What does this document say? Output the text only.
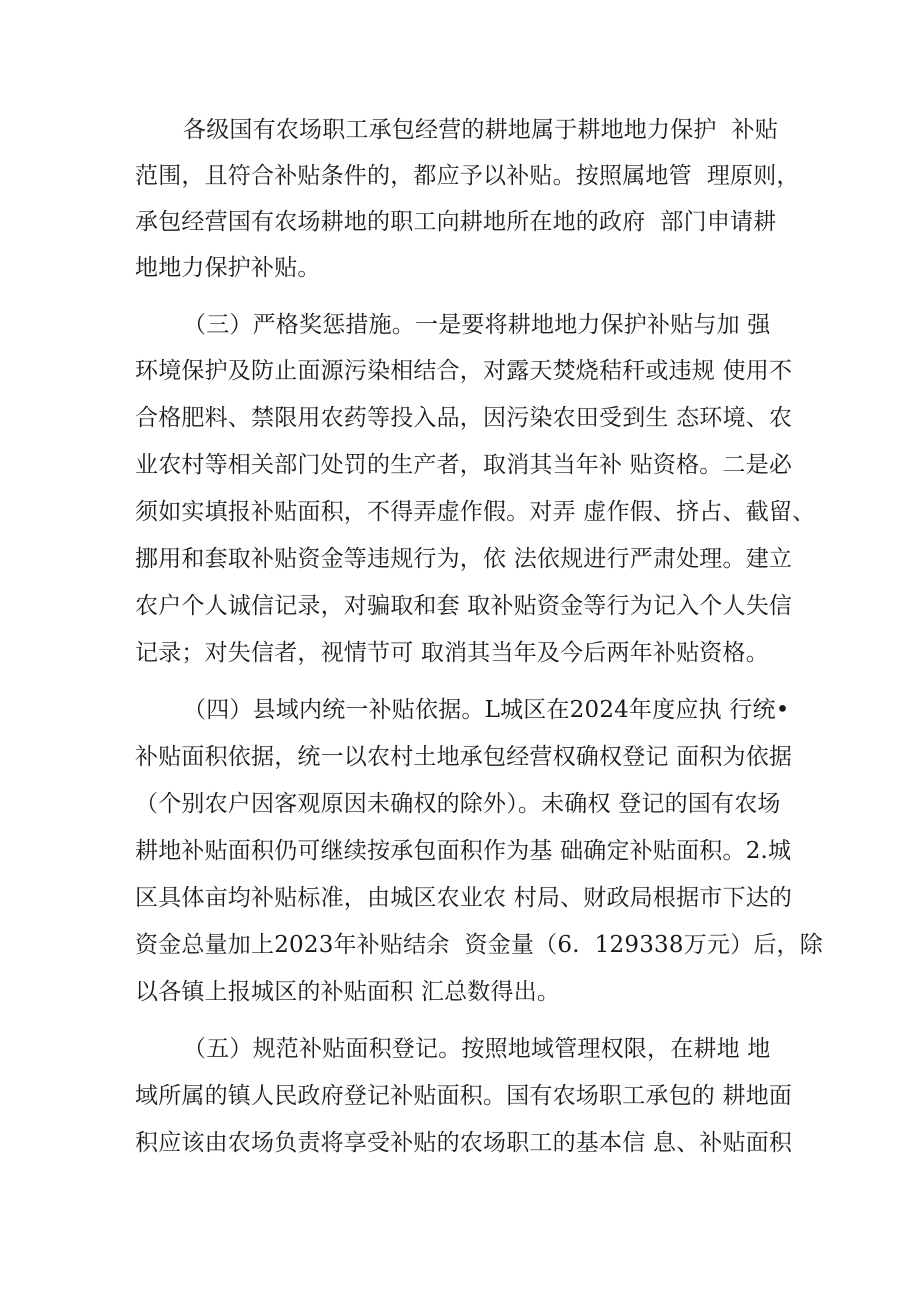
各级国有农场职工承包经营的耕地属于耕地地力保护  补贴
范围，且符合补贴条件的，都应予以补贴。按照属地管  理原则，
承包经营国有农场耕地的职工向耕地所在地的政府  部门申请耕
地地力保护补贴。
（三）严格奖惩措施。一是要将耕地地力保护补贴与加 强
环境保护及防止面源污染相结合，对露天焚烧秸秆或违规 使用不
合格肥料、禁限用农药等投入品，因污染农田受到生 态环境、农
业农村等相关部门处罚的生产者，取消其当年补 贴资格。二是必
须如实填报补贴面积，不得弄虚作假。对弄 虚作假、挤占、截留、
挪用和套取补贴资金等违规行为，依 法依规进行严肃处理。建立
农户个人诚信记录，对骗取和套 取补贴资金等行为记入个人失信
记录；对失信者，视情节可 取消其当年及今后两年补贴资格。
（四）县域内统一补贴依据。L城区在2024年度应执 行统•
补贴面积依据，统一以农村土地承包经营权确权登记 面积为依据
（个别农户因客观原因未确权的除外）。未确权 登记的国有农场
耕地补贴面积仍可继续按承包面积作为基 础确定补贴面积。2.城
区具体亩均补贴标准，由城区农业农 村局、财政局根据市下达的
资金总量加上2023年补贴结余  资金量（6.  129338万元）后，除
以各镇上报城区的补贴面积 汇总数得出。
（五）规范补贴面积登记。按照地域管理权限，在耕地 地
域所属的镇人民政府登记补贴面积。国有农场职工承包的 耕地面
积应该由农场负责将享受补贴的农场职工的基本信 息、补贴面积
